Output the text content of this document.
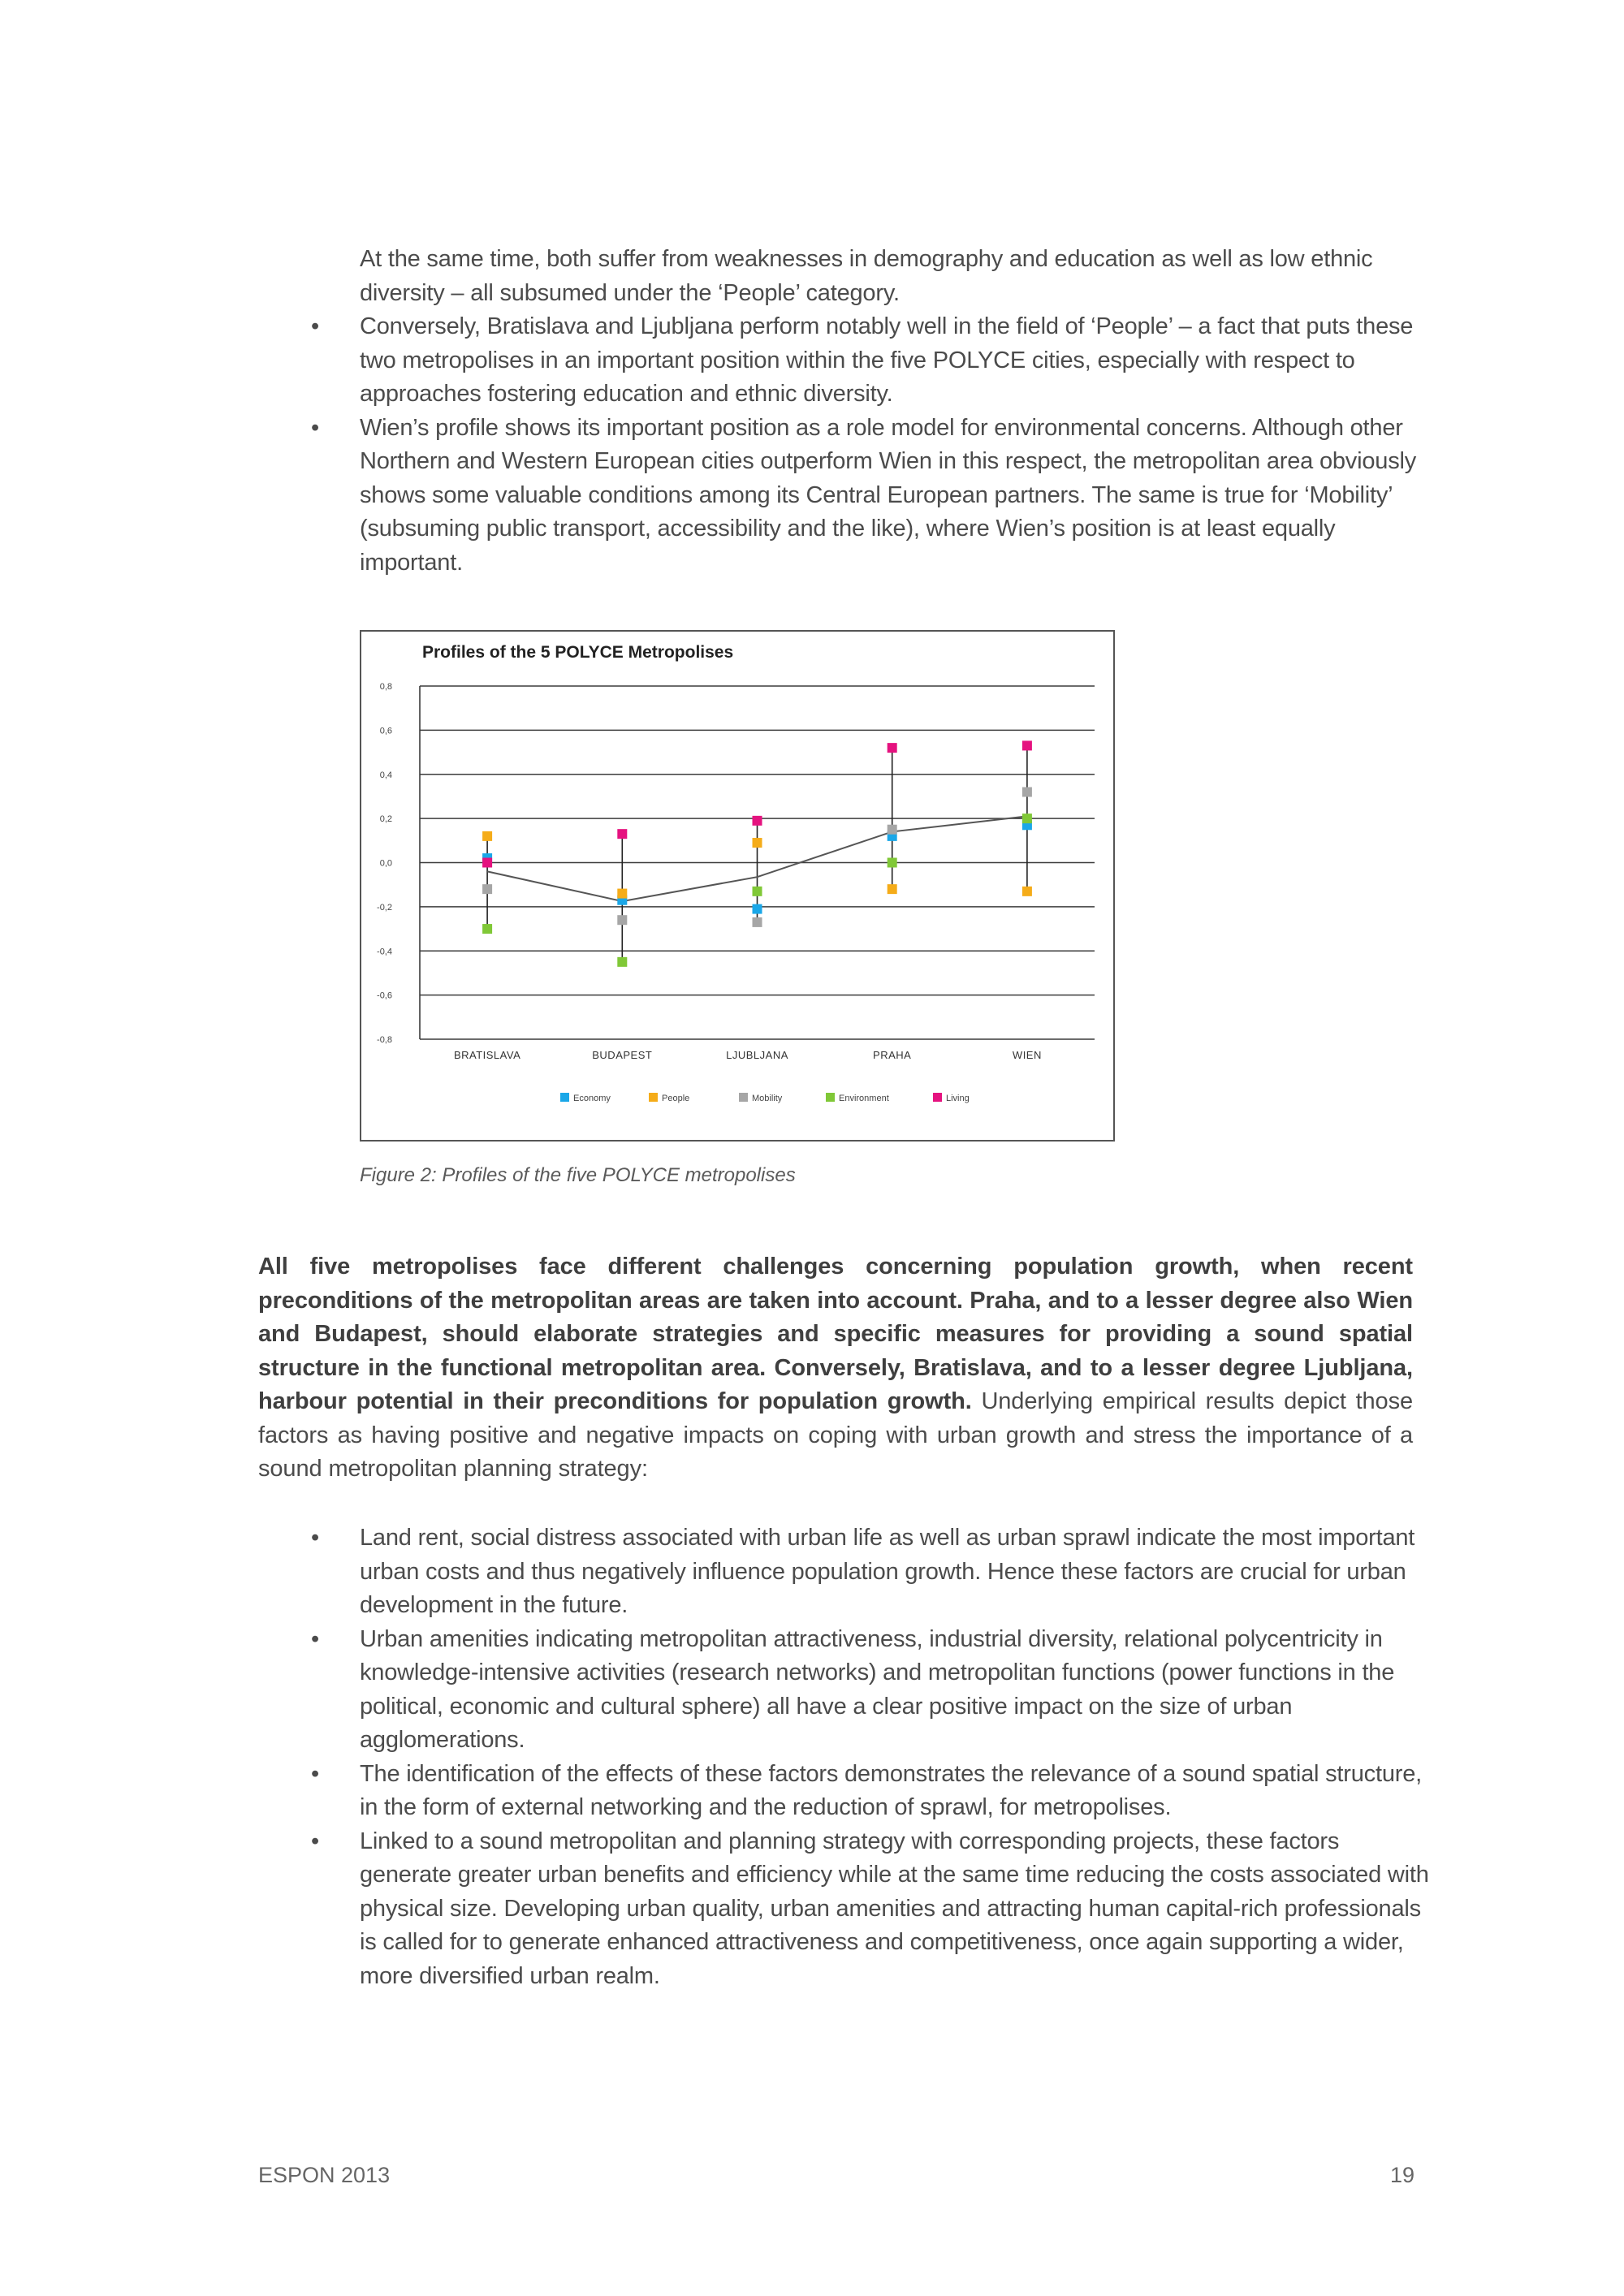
At the same time, both suffer from weaknesses in demography and education as well as low ethnic diversity – all subsumed under the ‘People’ category.
• Conversely, Bratislava and Ljubljana perform notably well in the field of ‘People’ – a fact that puts these two metropolises in an important position within the five POLYCE cities, especially with respect to approaches fostering education and ethnic diversity.
• Wien’s profile shows its important position as a role model for environmental concerns. Although other Northern and Western European cities outperform Wien in this respect, the metropolitan area obviously shows some valuable conditions among its Central European partners. The same is true for ‘Mobility’ (subsuming public transport, accessibility and the like), where Wien’s position is at least equally important.
Profiles of the 5 POLYCE Metropolises
0,8
0,6
0,4
0,2
0,0
-0,2
-0,4
-0,6
-0,8
BRATISLAVA	BUDAPEST	LJUBLJANA	PRAHA	WIEN
Economy	People	Mobility	Environment	Living
Figure 2: Profiles of the five POLYCE metropolises
All five metropolises face different challenges concerning population growth, when recent preconditions of the metropolitan areas are taken into account. Praha, and to a lesser degree also Wien and Budapest, should elaborate strategies and specific measures for providing a sound spatial structure in the functional metropolitan area. Conversely, Bratislava, and to a lesser degree Ljubljana, harbour potential in their preconditions for population growth. Underlying empirical results depict those factors as having positive and negative impacts on coping with urban growth and stress the importance of a sound metropolitan planning strategy:
• Land rent, social distress associated with urban life as well as urban sprawl indicate the most important urban costs and thus negatively influence population growth. Hence these factors are crucial for urban development in the future.
• Urban amenities indicating metropolitan attractiveness, industrial diversity, relational polycentricity in knowledge-intensive activities (research networks) and metropolitan functions (power functions in the political, economic and cultural sphere) all have a clear positive impact on the size of urban agglomerations.
• The identification of the effects of these factors demonstrates the relevance of a sound spatial structure, in the form of external networking and the reduction of sprawl, for metropolises.
• Linked to a sound metropolitan and planning strategy with corresponding projects, these factors generate greater urban benefits and efficiency while at the same time reducing the costs associated with physical size. Developing urban quality, urban amenities and attracting human capital-rich professionals is called for to generate enhanced attractiveness and competitiveness, once again supporting a wider, more diversified urban realm.
ESPON 2013	19
